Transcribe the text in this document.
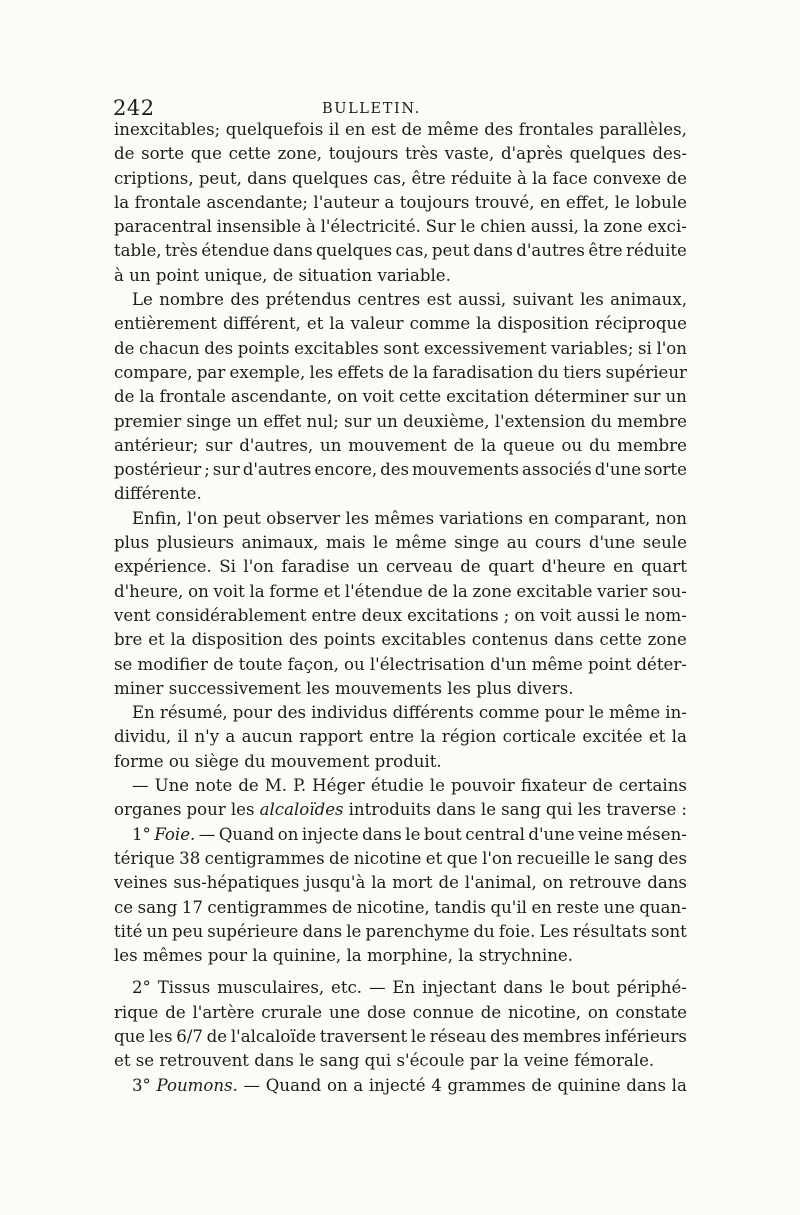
242	BULLETIN.
inexcitables; quelquefois il en est de même des frontales parallèles,
de sorte que cette zone, toujours très vaste, d'après quelques des-
criptions, peut, dans quelques cas, être réduite à la face convexe de
la frontale ascendante; l'auteur a toujours trouvé, en effet, le lobule
paracentral insensible à l'électricité. Sur le chien aussi, la zone exci-
table, très étendue dans quelques cas, peut dans d'autres être réduite
à un point unique, de situation variable.
Le nombre des prétendus centres est aussi, suivant les animaux,
entièrement différent, et la valeur comme la disposition réciproque
de chacun des points excitables sont excessivement variables; si l'on
compare, par exemple, les effets de la faradisation du tiers supérieur
de la frontale ascendante, on voit cette excitation déterminer sur un
premier singe un effet nul; sur un deuxième, l'extension du membre
antérieur; sur d'autres, un mouvement de la queue ou du membre
postérieur ; sur d'autres encore, des mouvements associés d'une sorte
différente.
Enfin, l'on peut observer les mêmes variations en comparant, non
plus plusieurs animaux, mais le même singe au cours d'une seule
expérience. Si l'on faradise un cerveau de quart d'heure en quart
d'heure, on voit la forme et l'étendue de la zone excitable varier sou-
vent considérablement entre deux excitations ; on voit aussi le nom-
bre et la disposition des points excitables contenus dans cette zone
se modifier de toute façon, ou l'électrisation d'un même point déter-
miner successivement les mouvements les plus divers.
En résumé, pour des individus différents comme pour le même in-
dividu, il n'y a aucun rapport entre la région corticale excitée et la
forme ou siège du mouvement produit.
— Une note de M. P. Héger étudie le pouvoir fixateur de certains
organes pour les alcaloïdes introduits dans le sang qui les traverse :
1° Foie. — Quand on injecte dans le bout central d'une veine mésen-
térique 38 centigrammes de nicotine et que l'on recueille le sang des
veines sus-hépatiques jusqu'à la mort de l'animal, on retrouve dans
ce sang 17 centigrammes de nicotine, tandis qu'il en reste une quan-
tité un peu supérieure dans le parenchyme du foie. Les résultats sont
les mêmes pour la quinine, la morphine, la strychnine.
2° Tissus musculaires, etc. — En injectant dans le bout périphé-
rique de l'artère crurale une dose connue de nicotine, on constate
que les 6/7 de l'alcaloïde traversent le réseau des membres inférieurs
et se retrouvent dans le sang qui s'écoule par la veine fémorale.
3° Poumons. — Quand on a injecté 4 grammes de quinine dans la
